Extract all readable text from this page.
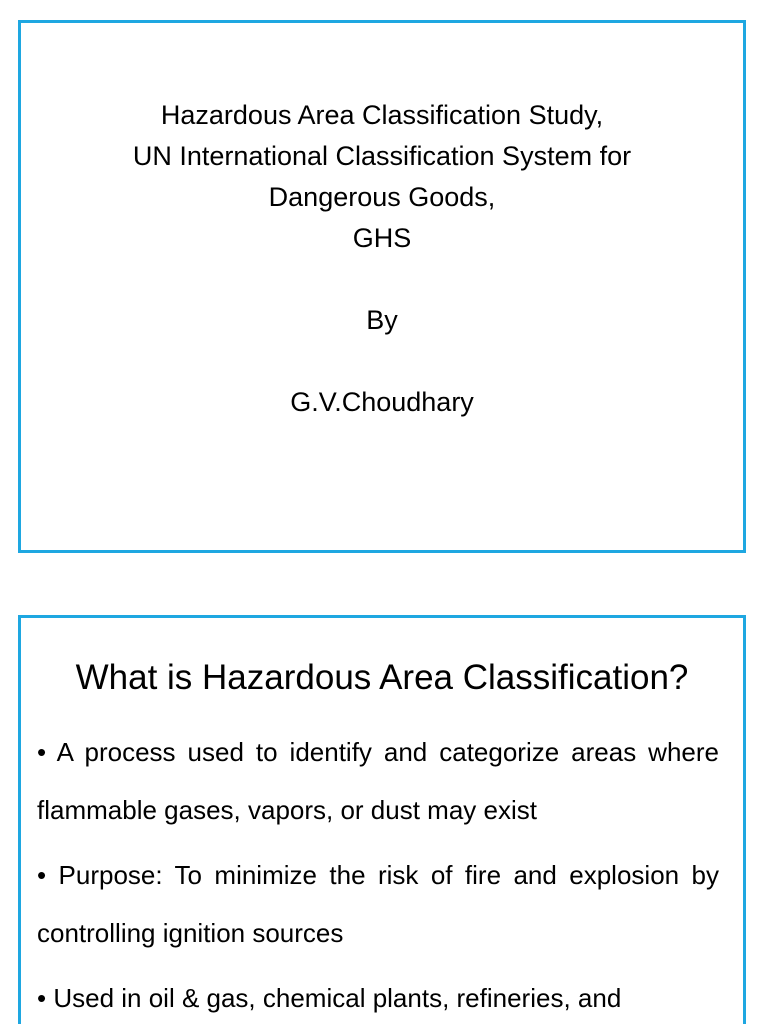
Hazardous Area Classification Study,
UN International Classification System for
Dangerous Goods,
GHS
By
G.V.Choudhary
What is Hazardous Area Classification?
• A process used to identify and categorize areas where flammable gases, vapors, or dust may exist
• Purpose: To minimize the risk of fire and explosion by controlling ignition sources
• Used in oil & gas, chemical plants, refineries, and
